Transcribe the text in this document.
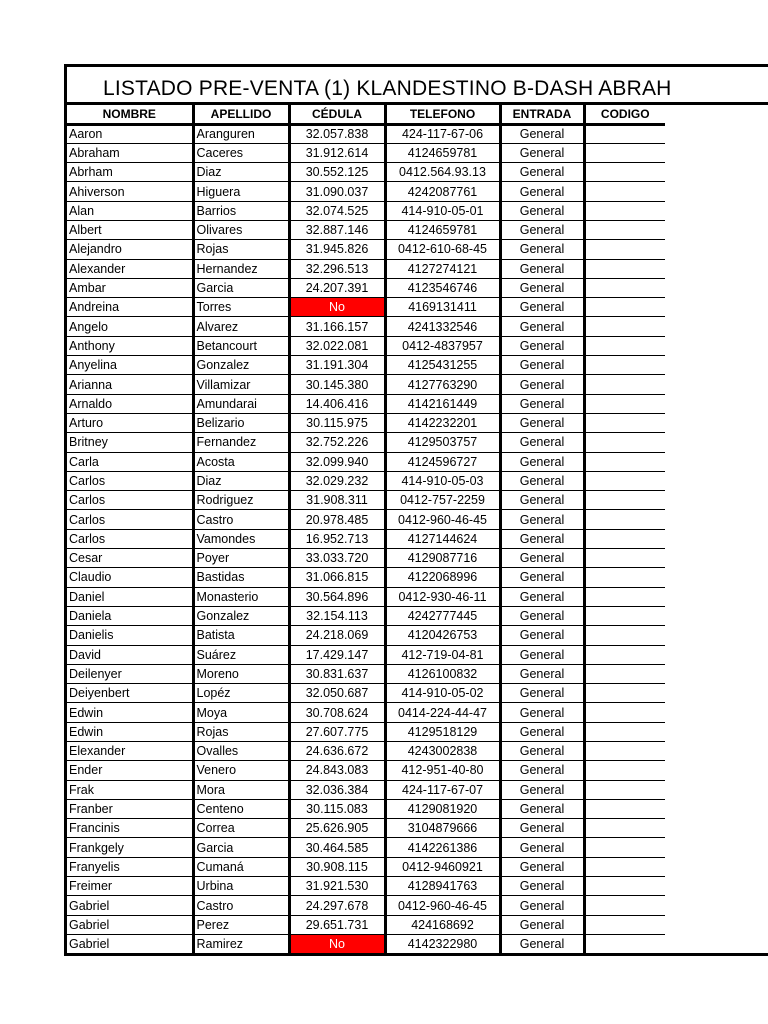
LISTADO PRE-VENTA (1) KLANDESTINO B-DASH ABRAH
NOMBRE	APELLIDO	CÉDULA	TELEFONO	ENTRADA	CODIGO
Aaron	Aranguren	32.057.838	424-117-67-06	General	
Abraham	Caceres	31.912.614	4124659781	General	
Abrham	Diaz	30.552.125	0412.564.93.13	General	
Ahiverson	Higuera	31.090.037	4242087761	General	
Alan	Barrios	32.074.525	414-910-05-01	General	
Albert	Olivares	32.887.146	4124659781	General	
Alejandro	Rojas	31.945.826	0412-610-68-45	General	
Alexander	Hernandez	32.296.513	4127274121	General	
Ambar	Garcia	24.207.391	4123546746	General	
Andreina	Torres	No	4169131411	General	
Angelo	Alvarez	31.166.157	4241332546	General	
Anthony	Betancourt	32.022.081	0412-4837957	General	
Anyelina	Gonzalez	31.191.304	4125431255	General	
Arianna	Villamizar	30.145.380	4127763290	General	
Arnaldo	Amundarai	14.406.416	4142161449	General	
Arturo	Belizario	30.115.975	4142232201	General	
Britney	Fernandez	32.752.226	4129503757	General	
Carla	Acosta	32.099.940	4124596727	General	
Carlos	Diaz	32.029.232	414-910-05-03	General	
Carlos	Rodriguez	31.908.311	0412-757-2259	General	
Carlos	Castro	20.978.485	0412-960-46-45	General	
Carlos	Vamondes	16.952.713	4127144624	General	
Cesar	Poyer	33.033.720	4129087716	General	
Claudio	Bastidas	31.066.815	4122068996	General	
Daniel	Monasterio	30.564.896	0412-930-46-11	General	
Daniela	Gonzalez	32.154.113	4242777445	General	
Danielis	Batista	24.218.069	4120426753	General	
David	Suárez	17.429.147	412-719-04-81	General	
Deilenyer	Moreno	30.831.637	4126100832	General	
Deiyenbert	Lopéz	32.050.687	414-910-05-02	General	
Edwin	Moya	30.708.624	0414-224-44-47	General	
Edwin	Rojas	27.607.775	4129518129	General	
Elexander	Ovalles	24.636.672	4243002838	General	
Ender	Venero	24.843.083	412-951-40-80	General	
Frak	Mora	32.036.384	424-117-67-07	General	
Franber	Centeno	30.115.083	4129081920	General	
Francinis	Correa	25.626.905	3104879666	General	
Frankgely	Garcia	30.464.585	4142261386	General	
Franyelis	Cumaná	30.908.115	0412-9460921	General	
Freimer	Urbina	31.921.530	4128941763	General	
Gabriel	Castro	24.297.678	0412-960-46-45	General	
Gabriel	Perez	29.651.731	424168692	General	
Gabriel	Ramirez	No	4142322980	General	
